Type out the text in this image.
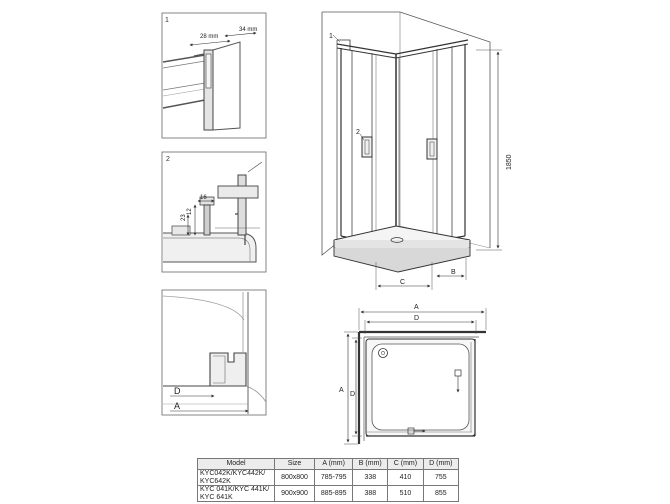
1
28 mm
34 mm
2
16
23
12
D
A
1
2
1850
C
B
A
D
A
D
Model	Size	A (mm)	B (mm)	C (mm)	D (mm)
KYC042K/KYC442K/
KYC642K	800x800	785-795	338	410	755
KYC 041K/KYC 441K/
KYC 641K	900x900	885-895	388	510	855
